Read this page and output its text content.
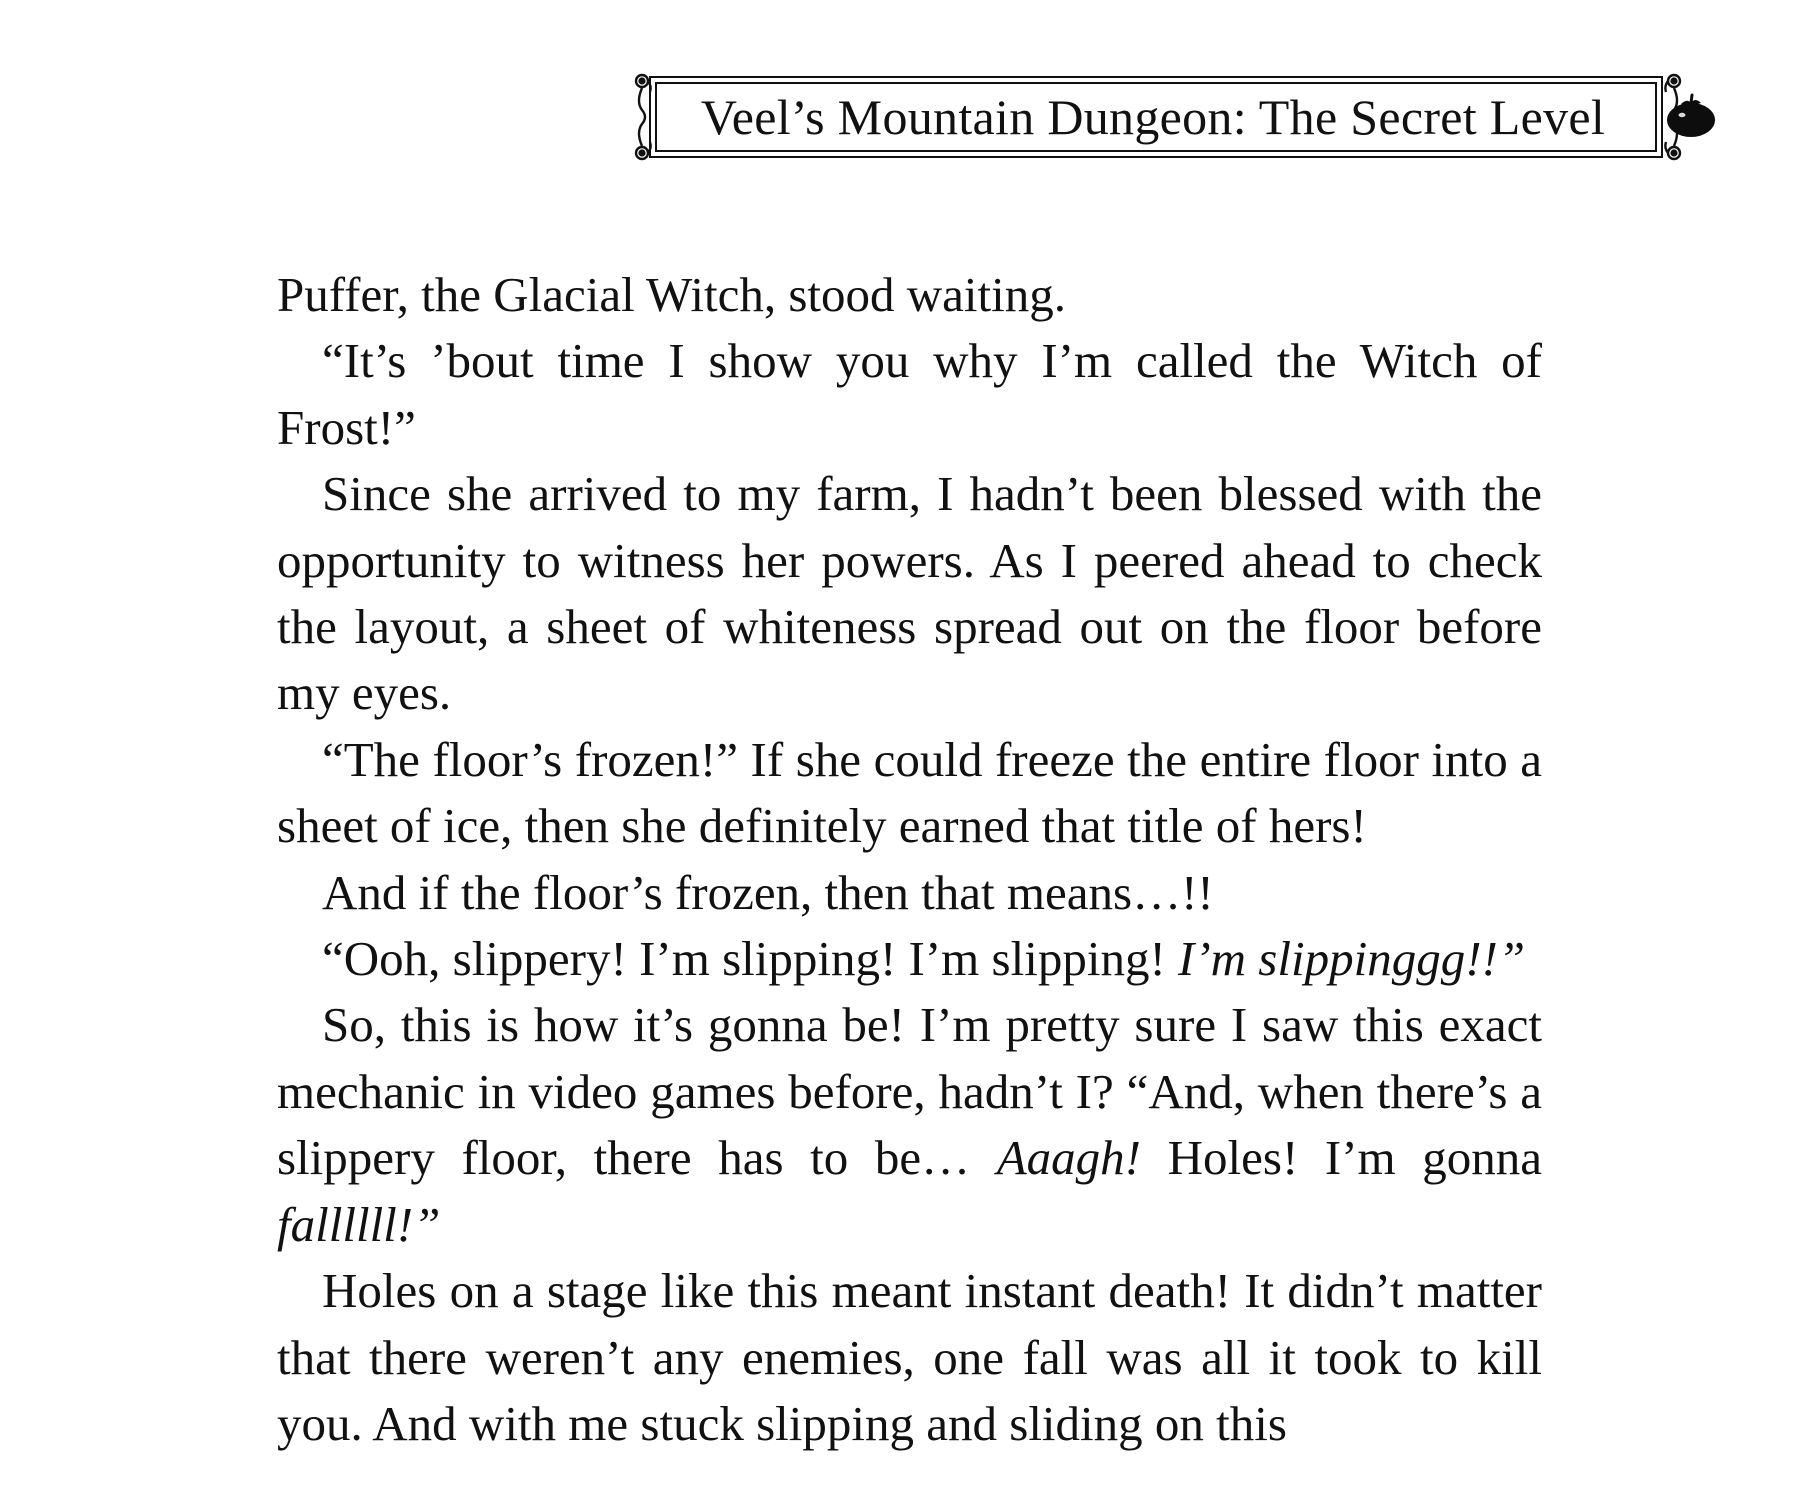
Veel’s Mountain Dungeon: The Secret Level

Puffer, the Glacial Witch, stood waiting.

“It’s ’bout time I show you why I’m called the Witch of Frost!”

Since she arrived to my farm, I hadn’t been blessed with the opportunity to witness her powers. As I peered ahead to check the layout, a sheet of whiteness spread out on the floor before my eyes.

“The floor’s frozen!” If she could freeze the entire floor into a sheet of ice, then she definitely earned that title of hers!

And if the floor’s frozen, then that means…!!

“Ooh, slippery! I’m slipping! I’m slipping! I’m slippinggg!!”

So, this is how it’s gonna be! I’m pretty sure I saw this exact mechanic in video games before, hadn’t I? “And, when there’s a slippery floor, there has to be… Aaagh! Holes! I’m gonna fallllll!”

Holes on a stage like this meant instant death! It didn’t matter that there weren’t any enemies, one fall was all it took to kill you. And with me stuck slipping and sliding on this
